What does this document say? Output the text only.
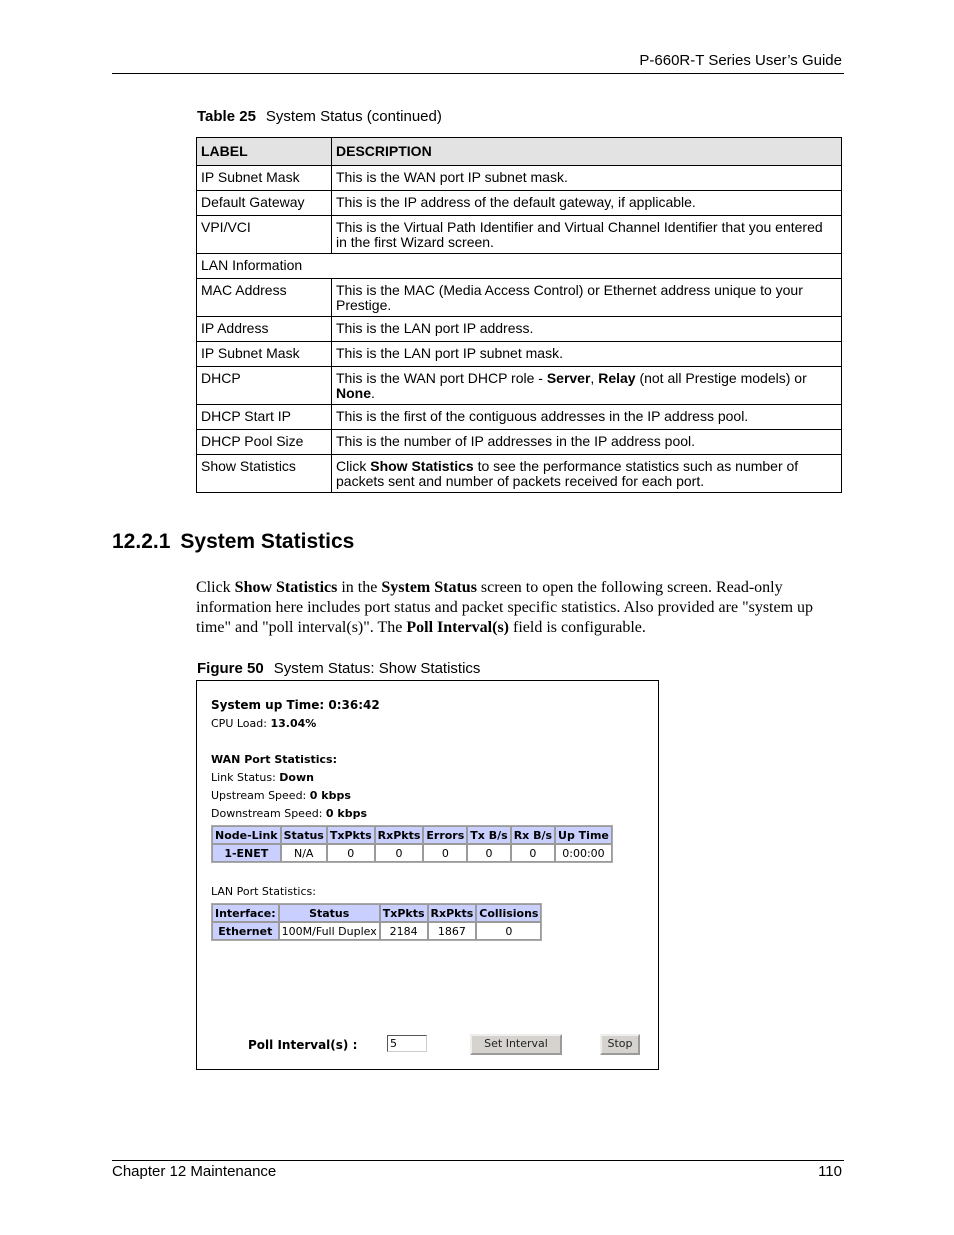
P-660R-T Series User’s Guide
Table 25 System Status (continued)
LABEL	DESCRIPTION
IP Subnet Mask	This is the WAN port IP subnet mask.
Default Gateway	This is the IP address of the default gateway, if applicable.
VPI/VCI	This is the Virtual Path Identifier and Virtual Channel Identifier that you entered in the first Wizard screen.
LAN Information	
MAC Address	This is the MAC (Media Access Control) or Ethernet address unique to your Prestige.
IP Address	This is the LAN port IP address.
IP Subnet Mask	This is the LAN port IP subnet mask.
DHCP	This is the WAN port DHCP role - Server, Relay (not all Prestige models) or None.
DHCP Start IP	This is the first of the contiguous addresses in the IP address pool.
DHCP Pool Size	This is the number of IP addresses in the IP address pool.
Show Statistics	Click Show Statistics to see the performance statistics such as number of packets sent and number of packets received for each port.
12.2.1 System Statistics
Click Show Statistics in the System Status screen to open the following screen. Read-only information here includes port status and packet specific statistics. Also provided are "system up time" and "poll interval(s)". The Poll Interval(s) field is configurable.
Figure 50 System Status: Show Statistics
System up Time: 0:36:42
CPU Load: 13.04%
WAN Port Statistics:
Link Status: Down
Upstream Speed: 0 kbps
Downstream Speed: 0 kbps
Node-Link	Status	TxPkts	RxPkts	Errors	Tx B/s	Rx B/s	Up Time
1-ENET	N/A	0	0	0	0	0	0:00:00
LAN Port Statistics:
Interface:	Status	TxPkts	RxPkts	Collisions
Ethernet	100M/Full Duplex	2184	1867	0
Poll Interval(s) :
5	Set Interval	Stop
Chapter 12 Maintenance	110
